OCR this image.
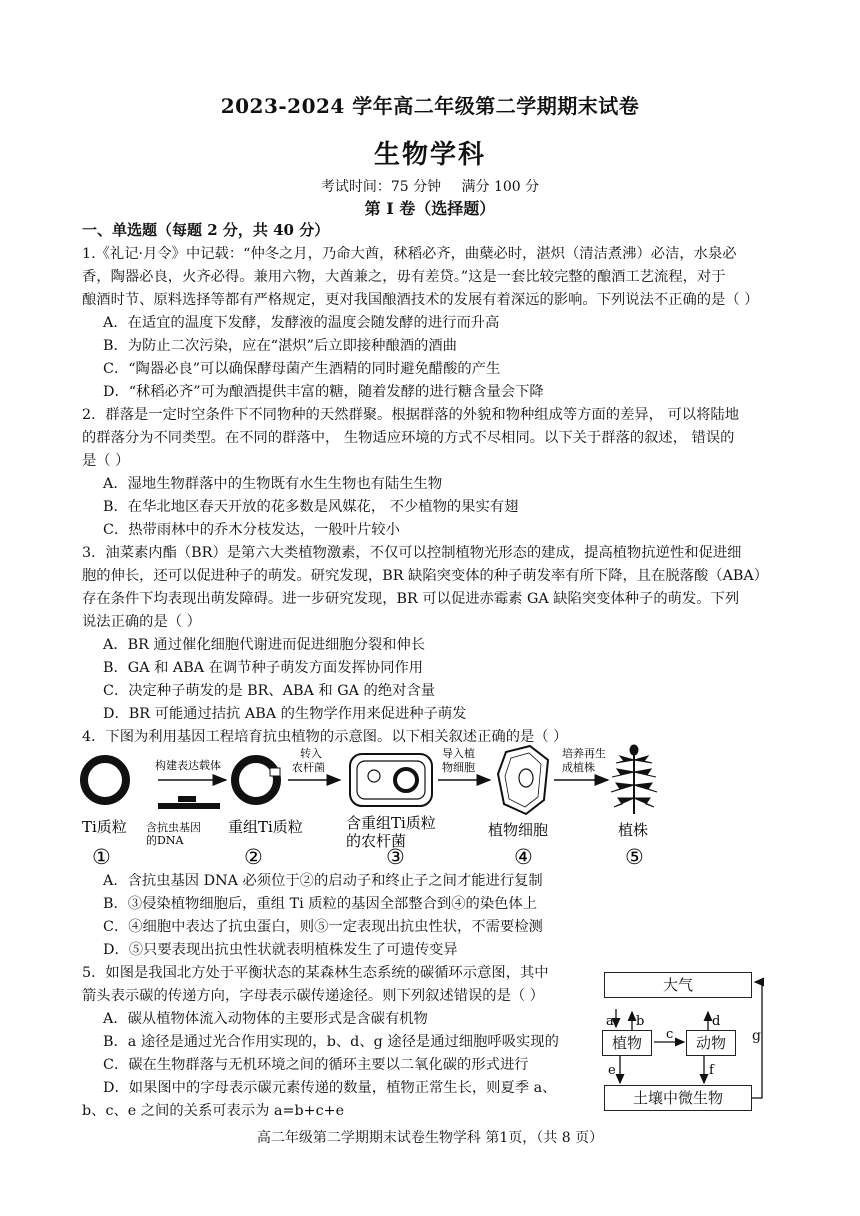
2023-2024 学年高二年级第二学期期末试卷
生物学科
考试时间：75 分钟 满分 100 分
第 I 卷（选择题）
一、单选题（每题 2 分，共 40 分）
1.《礼记·月令》中记载：“仲冬之月，乃命大酋，秫稻必齐，曲蘖必时，湛炽（清洁煮沸）必洁，水泉必
香，陶器必良，火齐必得。兼用六物，大酋兼之，毋有差贷。”这是一套比较完整的酿酒工艺流程，对于
酿酒时节、原料选择等都有严格规定，更对我国酿酒技术的发展有着深远的影响。下列说法不正确的是（ ）
A．在适宜的温度下发酵，发酵液的温度会随发酵的进行而升高
B．为防止二次污染，应在“湛炽”后立即接种酿酒的酒曲
C．“陶器必良”可以确保酵母菌产生酒精的同时避免醋酸的产生
D．“秫稻必齐”可为酿酒提供丰富的糖，随着发酵的进行糖含量会下降
2．群落是一定时空条件下不同物种的天然群聚。根据群落的外貌和物种组成等方面的差异， 可以将陆地
的群落分为不同类型。在不同的群落中， 生物适应环境的方式不尽相同。以下关于群落的叙述， 错误的
是（ ）
A．湿地生物群落中的生物既有水生生物也有陆生生物
B．在华北地区春天开放的花多数是风媒花， 不少植物的果实有翅
C．热带雨林中的乔木分枝发达，一般叶片较小
3．油菜素内酯（BR）是第六大类植物激素，不仅可以控制植物光形态的建成，提高植物抗逆性和促进细
胞的伸长，还可以促进种子的萌发。研究发现，BR 缺陷突变体的种子萌发率有所下降，且在脱落酸（ABA）
存在条件下均表现出萌发障碍。进一步研究发现，BR 可以促进赤霉素 GA 缺陷突变体种子的萌发。下列
说法正确的是（ ）
A．BR 通过催化细胞代谢进而促进细胞分裂和伸长
B．GA 和 ABA 在调节种子萌发方面发挥协同作用
C．决定种子萌发的是 BR、ABA 和 GA 的绝对含量
D．BR 可能通过拮抗 ABA 的生物学作用来促进种子萌发
4．下图为利用基因工程培育抗虫植物的示意图。以下相关叙述正确的是（ ）
构建表达载体
转入
农杆菌
导入植
物细胞
培养再生
成植株
Ti质粒 含抗虫基因
的DNA
重组Ti质粒	含重组Ti质粒
的农杆菌
植物细胞	植株
①	②	③	④	⑤
A．含抗虫基因 DNA 必须位于②的启动子和终止子之间才能进行复制
B．③侵染植物细胞后，重组 Ti 质粒的基因全部整合到④的染色体上
C．④细胞中表达了抗虫蛋白，则⑤一定表现出抗虫性状，不需要检测
D．⑤只要表现出抗虫性状就表明植株发生了可遗传变异
5．如图是我国北方处于平衡状态的某森林生态系统的碳循环示意图，其中
箭头表示碳的传递方向，字母表示碳传递途径。则下列叙述错误的是（ ）
A．碳从植物体流入动物体的主要形式是含碳有机物
B．a 途径是通过光合作用实现的，b、d、g 途径是通过细胞呼吸实现的
C．碳在生物群落与无机环境之间的循环主要以二氧化碳的形式进行
D．如果图中的字母表示碳元素传递的数量，植物正常生长，则夏季 a、
b、c、e 之间的关系可表示为 a=b+c+e
a b
c
d
e	f
大气
植物	动物
土壤中微生物
g
高二年级第二学期期末试卷生物学科 第1页，（共 8 页）
